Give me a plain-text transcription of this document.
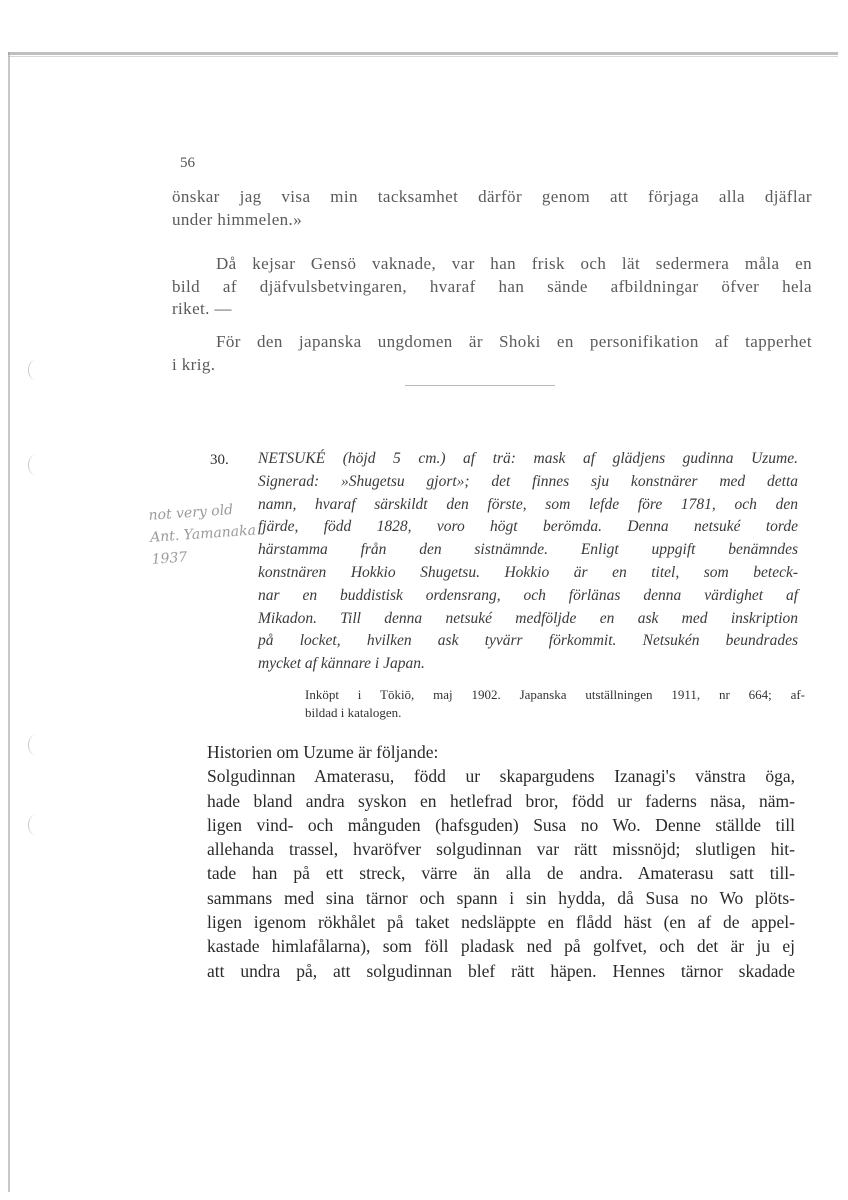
56

önskar jag visa min tacksamhet därför genom att förjaga alla djäflar
under himmelen.»

Då kejsar Gensö vaknade, var han frisk och lät sedermera måla en
bild af djäfvulsbetvingaren, hvaraf han sände afbildningar öfver hela
riket. —

För den japanska ungdomen är Shoki en personifikation af tapperhet
i krig.

30. NETSUKÉ (höjd 5 cm.) af trä: mask af glädjens gudinna Uzume.
Signerad: »Shugetsu gjort»; det finnes sju konstnärer med detta
namn, hvaraf särskildt den förste, som lefde före 1781, och den
fjärde, född 1828, voro högt berömda. Denna netsuké torde
härstamma från den sistnämnde. Enligt uppgift benämndes
konstnären Hokkio Shugetsu. Hokkio är en titel, som beteck-
nar en buddistisk ordensrang, och förlänas denna värdighet af
Mikadon. Till denna netsuké medföljde en ask med inskription
på locket, hvilken ask tyvärr förkommit. Netsukén beundrades
mycket af kännare i Japan.

Inköpt i Tōkiō, maj 1902. Japanska utställningen 1911, nr 664; af-
bildad i katalogen.
not very old
Ant. Yamanaka
1937

Historien om Uzume är följande:
Solgudinnan Amaterasu, född ur skapargudens Izanagi's vänstra öga,
hade bland andra syskon en hetlefrad bror, född ur faderns näsa, näm-
ligen vind- och månguden (hafsguden) Susa no Wo. Denne ställde till
allehanda trassel, hvaröfver solgudinnan var rätt missnöjd; slutligen hit-
tade han på ett streck, värre än alla de andra. Amaterasu satt till-
sammans med sina tärnor och spann i sin hydda, då Susa no Wo plöts-
ligen igenom rökhålet på taket nedsläppte en flådd häst (en af de appel-
kastade himlafålarna), som föll pladask ned på golfvet, och det är ju ej
att undra på, att solgudinnan blef rätt häpen. Hennes tärnor skadade
